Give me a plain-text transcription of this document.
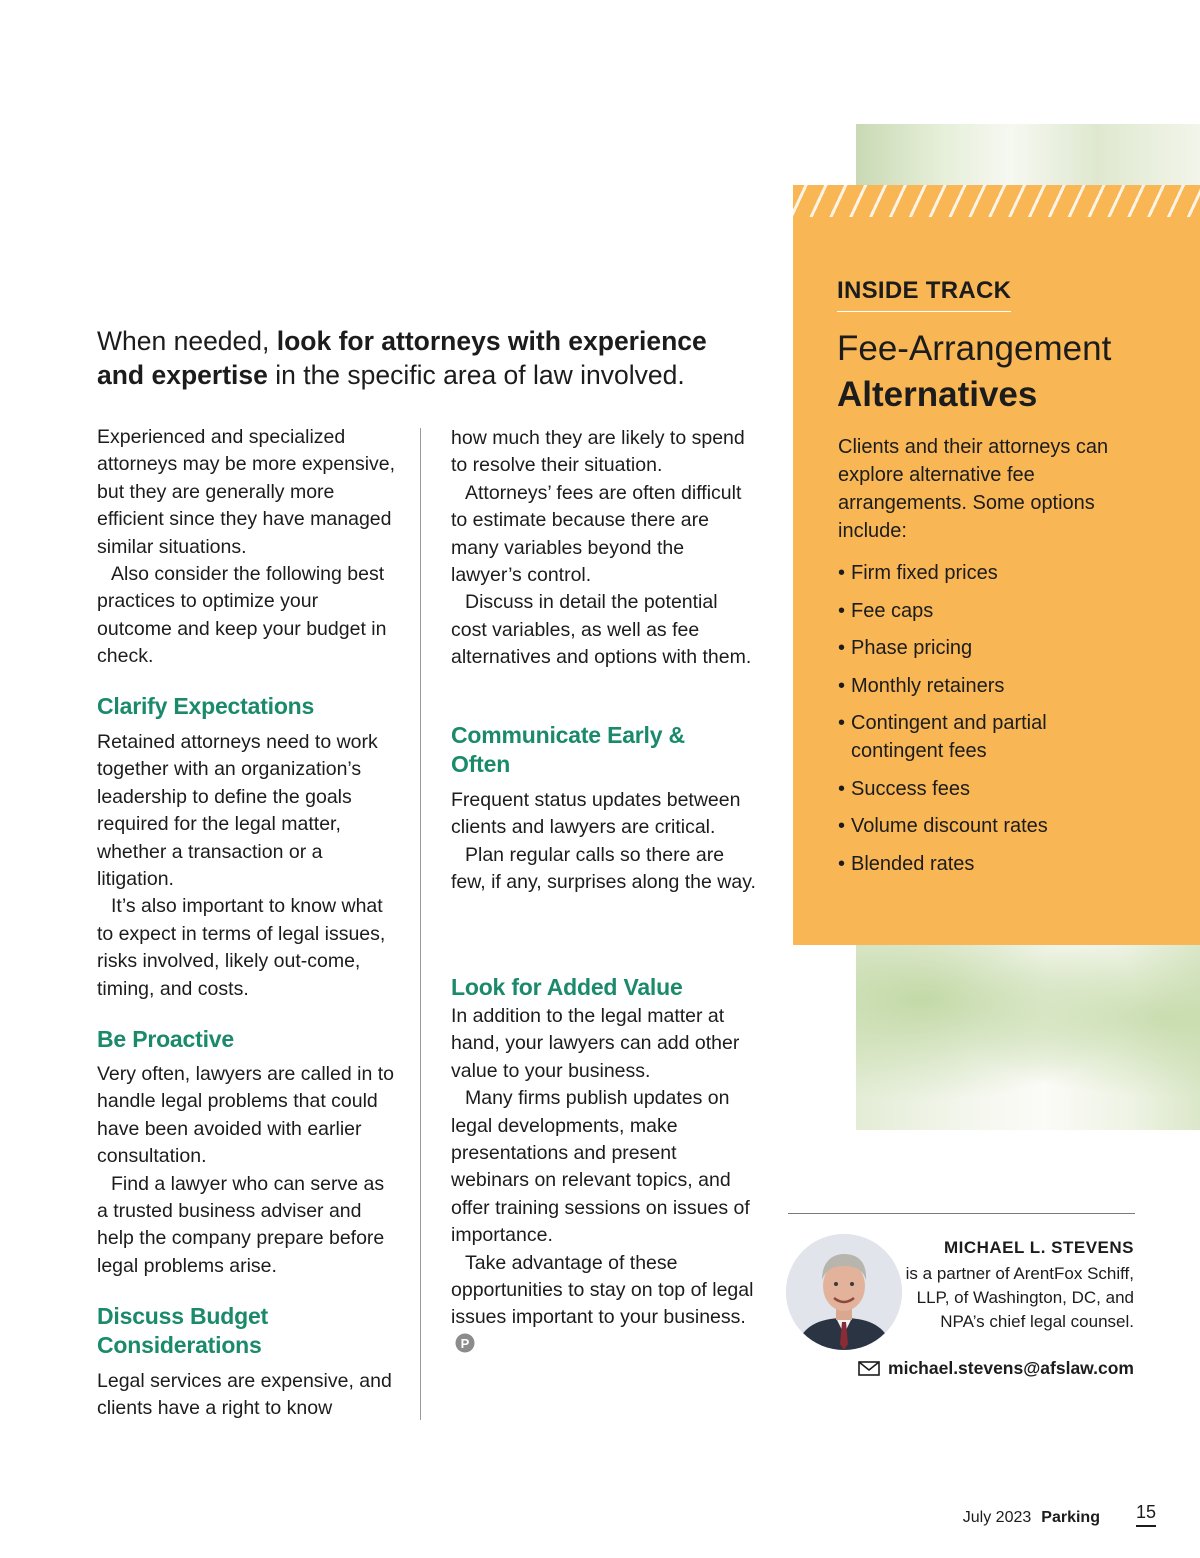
INSIDE TRACK
Fee-Arrangement
Alternatives
Clients and their attorneys can explore alternative fee arrangements. Some options include:
• Firm fixed prices
• Fee caps
• Phase pricing
• Monthly retainers
• Contingent and partial contingent fees
• Success fees
• Volume discount rates
• Blended rates
When needed, look for attorneys with experience and expertise in the specific area of law involved.

Experienced and specialized attorneys may be more expensive, but they are generally more efficient since they have managed similar situations.

Also consider the following best practices to optimize your outcome and keep your budget in check.

Clarify Expectations

Retained attorneys need to work together with an organization’s leadership to define the goals required for the legal matter, whether a transaction or a litigation.

It’s also important to know what to expect in terms of legal issues, risks involved, likely out-come, timing, and costs.

Be Proactive

Very often, lawyers are called in to handle legal problems that could have been avoided with earlier consultation.

Find a lawyer who can serve as a trusted business adviser and help the company prepare before legal problems arise.

Discuss Budget Considerations

Legal services are expensive, and clients have a right to know

how much they are likely to spend to resolve their situation.

Attorneys’ fees are often difficult to estimate because there are many variables beyond the lawyer’s control.

Discuss in detail the potential cost variables, as well as fee alternatives and options with them.

Communicate Early & Often

Frequent status updates between clients and lawyers are critical.

Plan regular calls so there are few, if any, surprises along the way.

Look for Added Value

In addition to the legal matter at hand, your lawyers can add other value to your business.

Many firms publish updates on legal developments, make presentations and present webinars on relevant topics, and offer training sessions on issues of importance.

Take advantage of these opportunities to stay on top of legal issues important to your business.
P

MICHAEL L. STEVENS
is a partner of ArentFox Schiff, LLP, of Washington, DC, and NPA’s chief legal counsel.
michael.stevens@afslaw.com
July 2023 Parking 15
